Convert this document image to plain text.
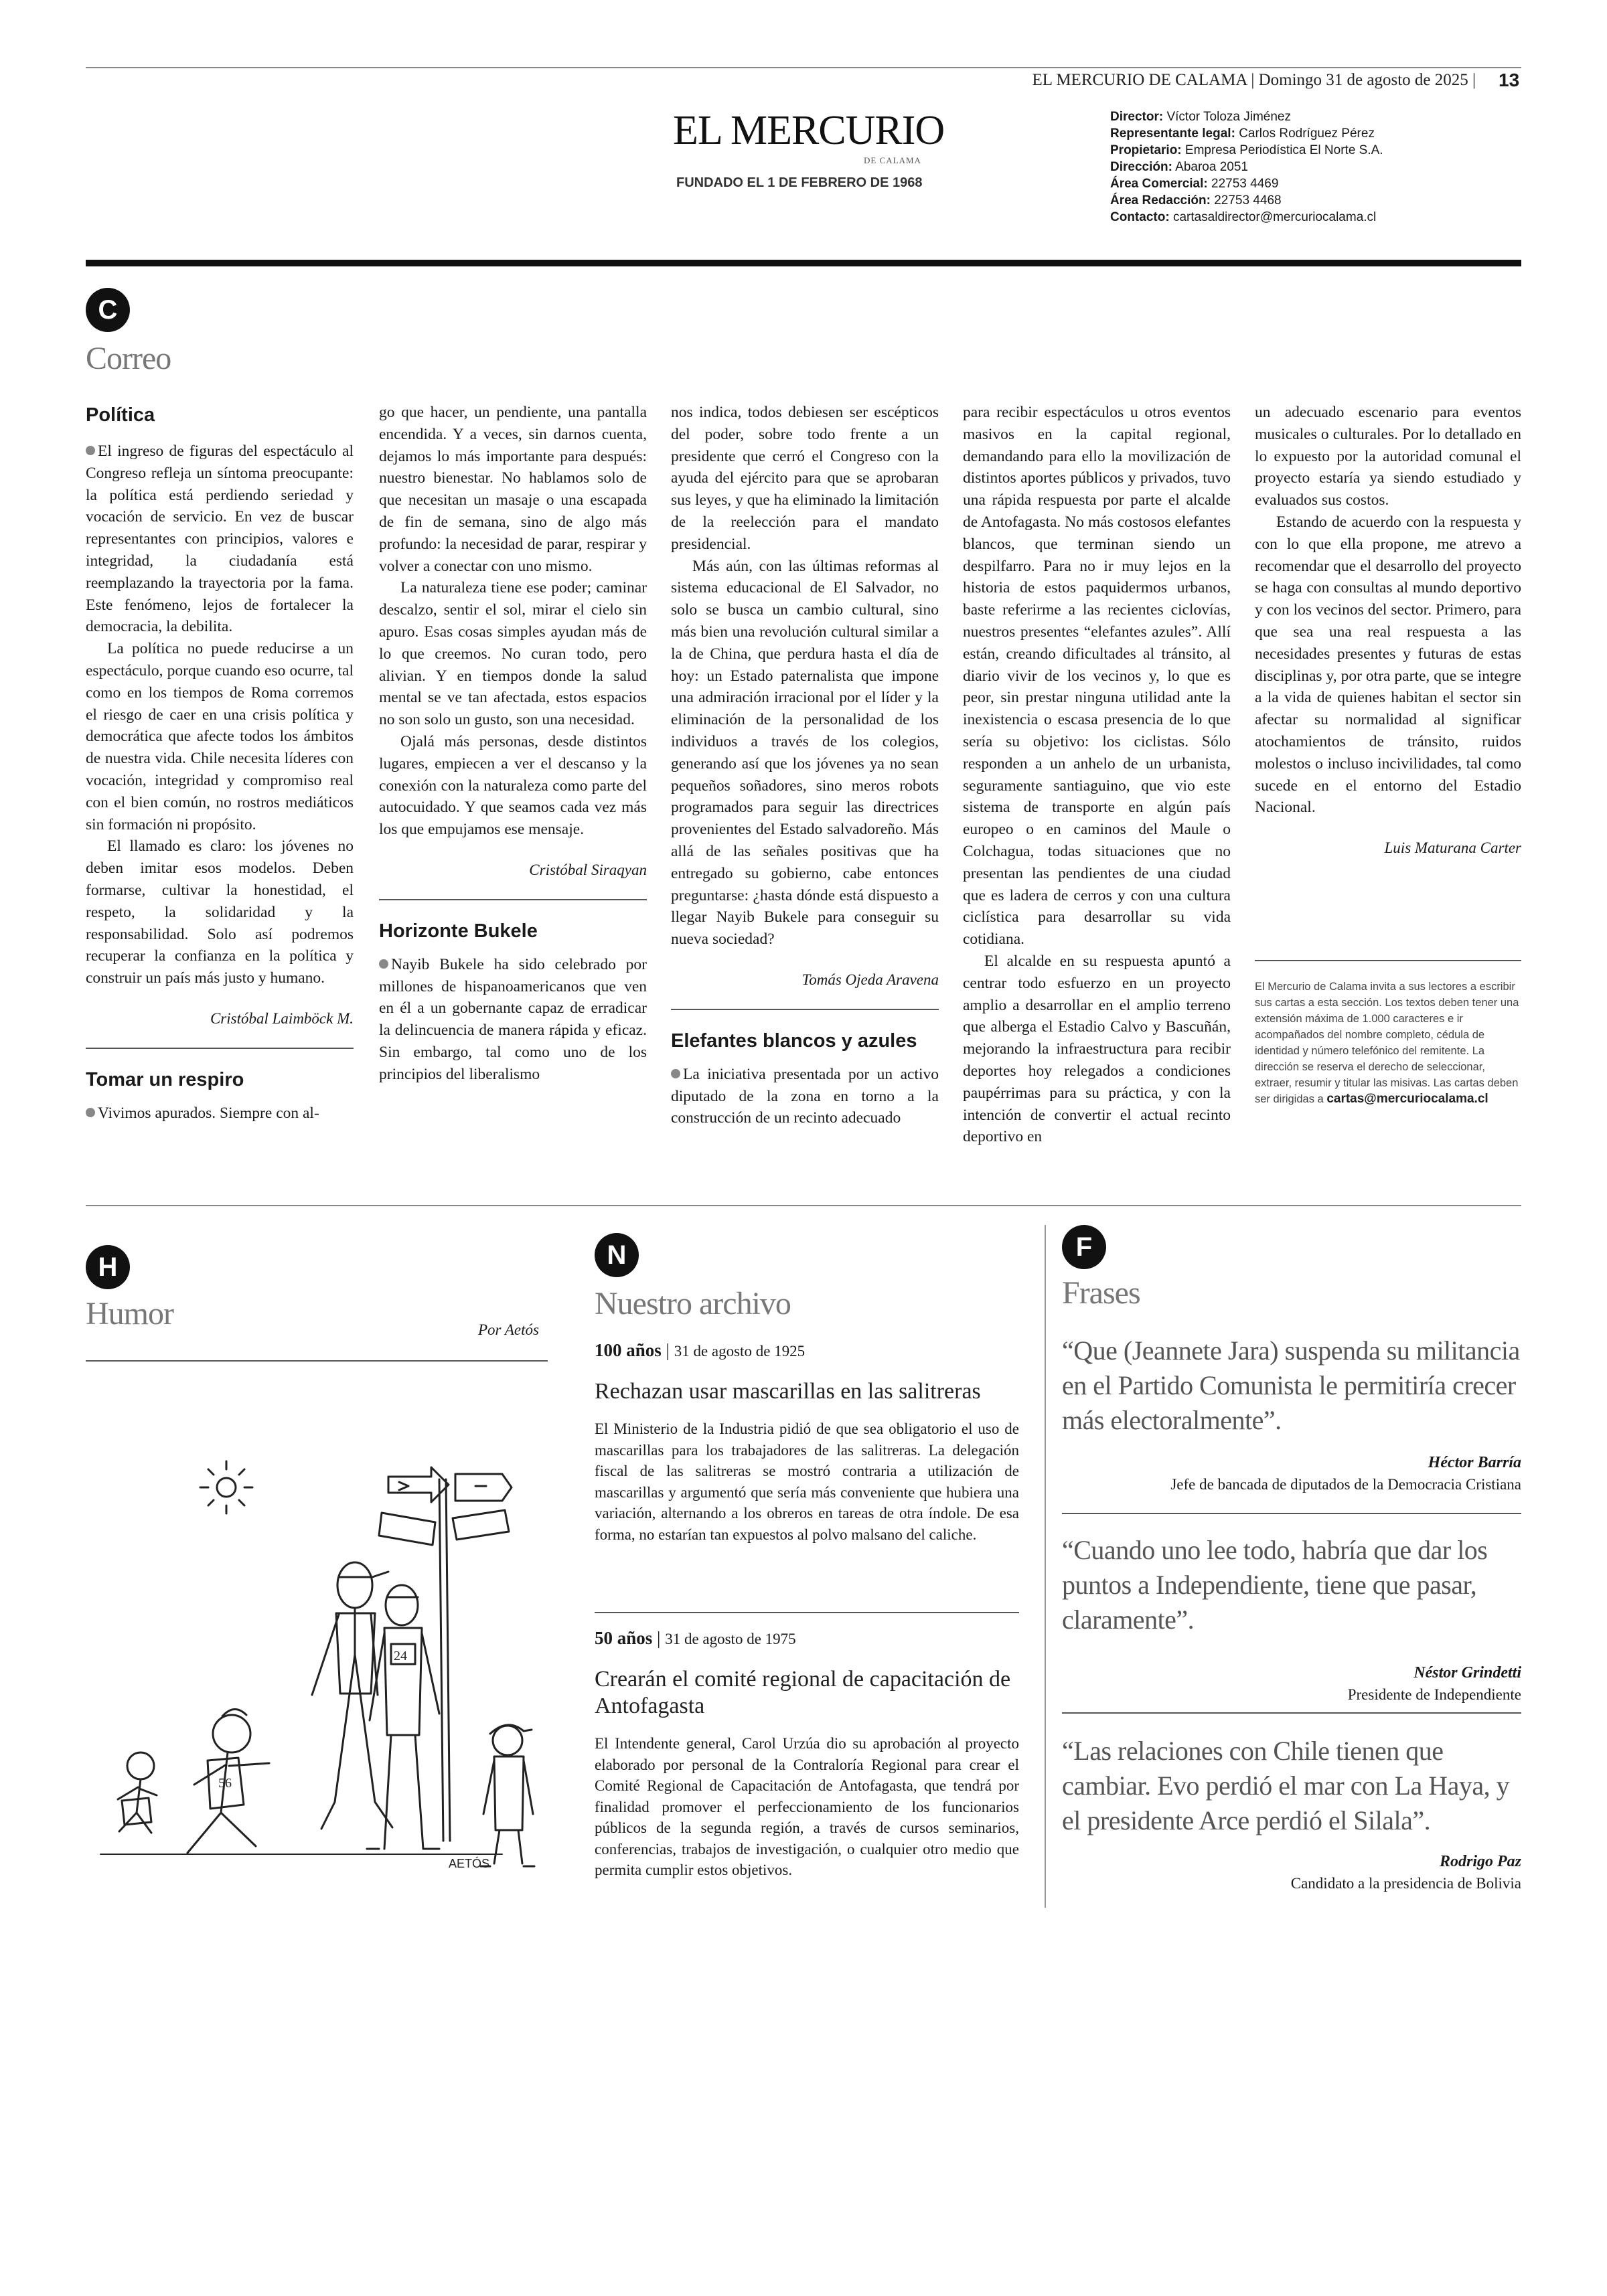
EL MERCURIO DE CALAMA | Domingo 31 de agosto de 2025 | 13
EL MERCURIO
DE CALAMA
FUNDADO EL 1 DE FEBRERO DE 1968
Director: Víctor Toloza Jiménez
Representante legal: Carlos Rodríguez Pérez
Propietario: Empresa Periodística El Norte S.A.
Dirección: Abaroa 2051
Área Comercial: 22753 4469
Área Redacción: 22753 4468
Contacto: cartasaldirector@mercuriocalama.cl
C
Correo
Política

El ingreso de figuras del espectáculo al Congreso refleja un síntoma preocupante: la política está perdiendo seriedad y vocación de servicio. En vez de buscar representantes con principios, valores e integridad, la ciudadanía está reemplazando la trayectoria por la fama. Este fenómeno, lejos de fortalecer la democracia, la debilita.

La política no puede reducirse a un espectáculo, porque cuando eso ocurre, tal como en los tiempos de Roma corremos el riesgo de caer en una crisis política y democrática que afecte todos los ámbitos de nuestra vida. Chile necesita líderes con vocación, integridad y compromiso real con el bien común, no rostros mediáticos sin formación ni propósito.

El llamado es claro: los jóvenes no deben imitar esos modelos. Deben formarse, cultivar la honestidad, el respeto, la solidaridad y la responsabilidad. Solo así podremos recuperar la confianza en la política y construir un país más justo y humano.

Cristóbal Laimböck M.
Tomar un respiro

Vivimos apurados. Siempre con al-

go que hacer, un pendiente, una pantalla encendida. Y a veces, sin darnos cuenta, dejamos lo más importante para después: nuestro bienestar. No hablamos solo de que necesitan un masaje o una escapada de fin de semana, sino de algo más profundo: la necesidad de parar, respirar y volver a conectar con uno mismo.

La naturaleza tiene ese poder; caminar descalzo, sentir el sol, mirar el cielo sin apuro. Esas cosas simples ayudan más de lo que creemos. No curan todo, pero alivian. Y en tiempos donde la salud mental se ve tan afectada, estos espacios no son solo un gusto, son una necesidad.

Ojalá más personas, desde distintos lugares, empiecen a ver el descanso y la conexión con la naturaleza como parte del autocuidado. Y que seamos cada vez más los que empujamos ese mensaje.

Cristóbal Siraqyan
Horizonte Bukele

Nayib Bukele ha sido celebrado por millones de hispanoamericanos que ven en él a un gobernante capaz de erradicar la delincuencia de manera rápida y eficaz. Sin embargo, tal como uno de los principios del liberalismo

nos indica, todos debiesen ser escépticos del poder, sobre todo frente a un presidente que cerró el Congreso con la ayuda del ejército para que se aprobaran sus leyes, y que ha eliminado la limitación de la reelección para el mandato presidencial.

Más aún, con las últimas reformas al sistema educacional de El Salvador, no solo se busca un cambio cultural, sino más bien una revolución cultural similar a la de China, que perdura hasta el día de hoy: un Estado paternalista que impone una admiración irracional por el líder y la eliminación de la personalidad de los individuos a través de los colegios, generando así que los jóvenes ya no sean pequeños soñadores, sino meros robots programados para seguir las directrices provenientes del Estado salvadoreño. Más allá de las señales positivas que ha entregado su gobierno, cabe entonces preguntarse: ¿hasta dónde está dispuesto a llegar Nayib Bukele para conseguir su nueva sociedad?

Tomás Ojeda Aravena
Elefantes blancos y azules

La iniciativa presentada por un activo diputado de la zona en torno a la construcción de un recinto adecuado

para recibir espectáculos u otros eventos masivos en la capital regional, demandando para ello la movilización de distintos aportes públicos y privados, tuvo una rápida respuesta por parte el alcalde de Antofagasta. No más costosos elefantes blancos, que terminan siendo un despilfarro. Para no ir muy lejos en la historia de estos paquidermos urbanos, baste referirme a las recientes ciclovías, nuestros presentes “elefantes azules”. Allí están, creando dificultades al tránsito, al diario vivir de los vecinos y, lo que es peor, sin prestar ninguna utilidad ante la inexistencia o escasa presencia de lo que sería su objetivo: los ciclistas. Sólo responden a un anhelo de un urbanista, seguramente santiaguino, que vio este sistema de transporte en algún país europeo o en caminos del Maule o Colchagua, todas situaciones que no presentan las pendientes de una ciudad que es ladera de cerros y con una cultura ciclística para desarrollar su vida cotidiana.

El alcalde en su respuesta apuntó a centrar todo esfuerzo en un proyecto amplio a desarrollar en el amplio terreno que alberga el Estadio Calvo y Bascuñán, mejorando la infraestructura para recibir deportes hoy relegados a condiciones paupérrimas para su práctica, y con la intención de convertir el actual recinto deportivo en

un adecuado escenario para eventos musicales o culturales. Por lo detallado en lo expuesto por la autoridad comunal el proyecto estaría ya siendo estudiado y evaluados sus costos.

Estando de acuerdo con la respuesta y con lo que ella propone, me atrevo a recomendar que el desarrollo del proyecto se haga con consultas al mundo deportivo y con los vecinos del sector. Primero, para que sea una real respuesta a las necesidades presentes y futuras de estas disciplinas y, por otra parte, que se integre a la vida de quienes habitan el sector sin afectar su normalidad al significar atochamientos de tránsito, ruidos molestos o incluso incivilidades, tal como sucede en el entorno del Estadio Nacional.

Luis Maturana Carter
El Mercurio de Calama invita a sus lectores a escribir sus cartas a esta sección. Los textos deben tener una extensión máxima de 1.000 caracteres e ir acompañados del nombre completo, cédula de identidad y número telefónico del remitente. La dirección se reserva el derecho de seleccionar, extraer, resumir y titular las misivas. Las cartas deben ser dirigidas a cartas@mercuriocalama.cl
H
Humor	Por Aetós
56
24
AETÓS
N
Nuestro archivo
100 años | 31 de agosto de 1925
Rechazan usar mascarillas en las salitreras
El Ministerio de la Industria pidió de que sea obligatorio el uso de mascarillas para los trabajadores de las salitreras. La delegación fiscal de las salitreras se mostró contraria a utilización de mascarillas y argumentó que sería más conveniente que hubiera una variación, alternando a los obreros en tareas de otra índole. De esa forma, no estarían tan expuestos al polvo malsano del caliche.
50 años | 31 de agosto de 1975
Crearán el comité regional de capacitación de Antofagasta
El Intendente general, Carol Urzúa dio su aprobación al proyecto elaborado por personal de la Contraloría Regional para crear el Comité Regional de Capacitación de Antofagasta, que tendrá por finalidad promover el perfeccionamiento de los funcionarios públicos de la segunda región, a través de cursos seminarios, conferencias, trabajos de investigación, o cualquier otro medio que permita cumplir estos objetivos.
F
Frases
“Que (Jeannete Jara) suspenda su militancia en el Partido Comunista le permitiría crecer más electoralmente”.
Héctor Barría
Jefe de bancada de diputados de la Democracia Cristiana
“Cuando uno lee todo, habría que dar los puntos a Independiente, tiene que pasar, claramente”.
Néstor Grindetti
Presidente de Independiente
“Las relaciones con Chile tienen que cambiar. Evo perdió el mar con La Haya, y el presidente Arce perdió el Silala”.
Rodrigo Paz
Candidato a la presidencia de Bolivia
